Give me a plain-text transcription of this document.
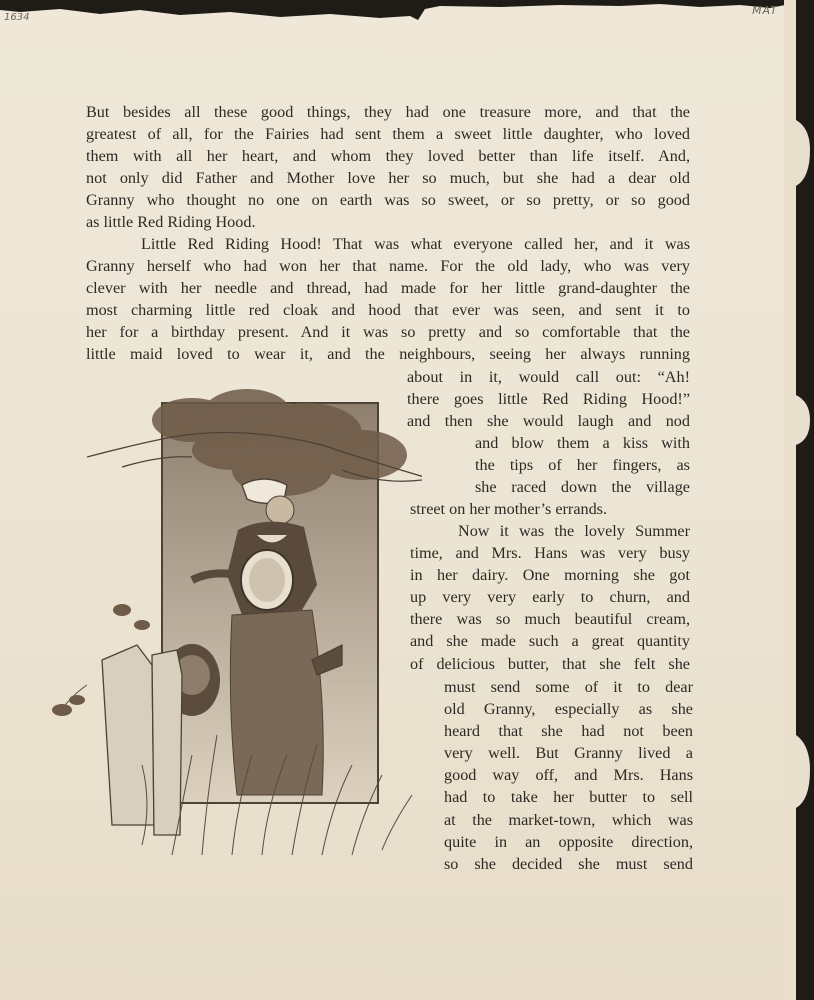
1634
MAT
But besides all these good things, they had one treasure more, and that the
greatest of all, for the Fairies had sent them a sweet little daughter, who loved
them with all her heart, and whom they loved better than life itself. And,
not only did Father and Mother love her so much, but she had a dear old
Granny who thought no one on earth was so sweet, or so pretty, or so good
as little Red Riding Hood.
Little Red Riding Hood! That was what everyone called her, and it was
Granny herself who had won her that name. For the old lady, who was very
clever with her needle and thread, had made for her little grand-daughter the
most charming little red cloak and hood that ever was seen, and sent it to
her for a birthday present. And it was so pretty and so comfortable that the
little maid loved to wear it, and the neighbours, seeing her always running
about in it, would call out: “Ah!
there goes little Red Riding Hood!”
and then she would laugh and nod
and blow them a kiss with
the tips of her fingers, as
she raced down the village
street on her mother’s errands.
Now it was the lovely Summer
time, and Mrs. Hans was very busy
in her dairy. One morning she got
up very very early to churn, and
there was so much beautiful cream,
and she made such a great quantity
of delicious butter, that she felt she
must send some of it to dear
old Granny, especially as she
heard that she had not been
very well. But Granny lived a
good way off, and Mrs. Hans
had to take her butter to sell
at the market-town, which was
quite in an opposite direction,
so she decided she must send
